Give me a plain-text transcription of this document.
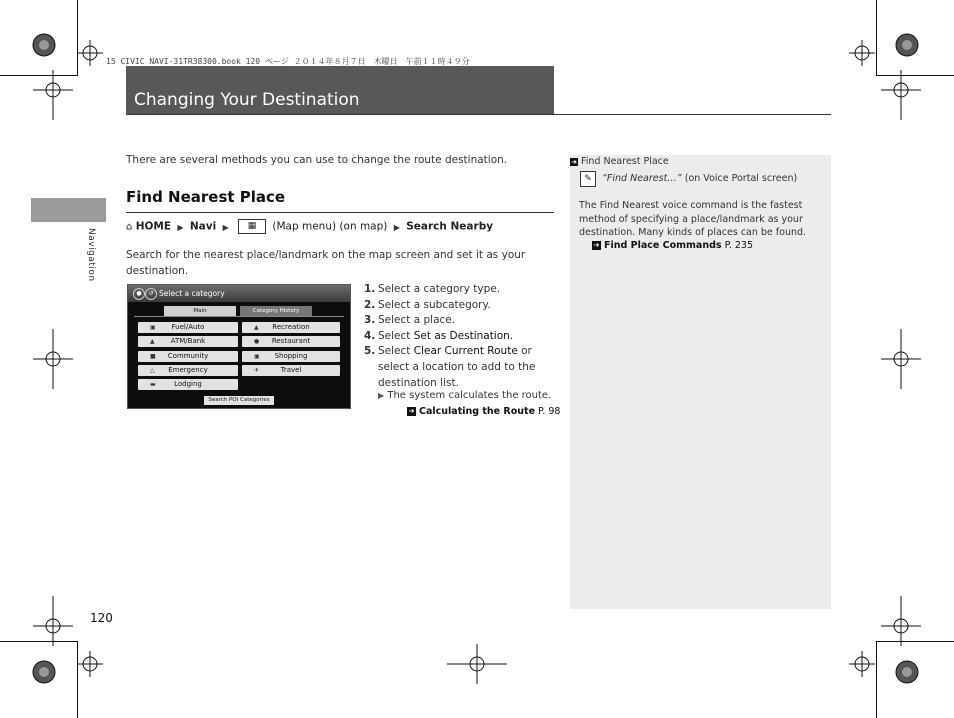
15 CIVIC NAVI-31TR38300.book 120 ページ ２０１４年８月７日　木曜日　午前１１時４９分
Changing Your Destination
Navigation
There are several methods you can use to change the route destination.
Find Nearest Place
⌂ HOME ▶ Navi ▶ ▦ (Map menu) (on map) ▶ Search Nearby
Search for the nearest place/landmark on the map screen and set it as your destination.
●	↺ Select a category
Main	Category History
▣ Fuel/Auto
▲ ATM/Bank
■ Community
△ Emergency
▬	Lodging
▲ Recreation
● Restaurant
▣ Shopping
✈	Travel
Search POI Categories
1. Select a category type.
2. Select a subcategory.
3. Select a place.
4. Select Set as Destination.
5. Select Clear Current Route or select a location to add to the destination list.
▶ The system calculates the route.
➜ Calculating the Route P. 98
➜ Find Nearest Place
✎	“Find Nearest…” (on Voice Portal screen)
The Find Nearest voice command is the fastest method of specifying a place/landmark as your destination. Many kinds of places can be found.
➜ Find Place Commands P. 235
120
